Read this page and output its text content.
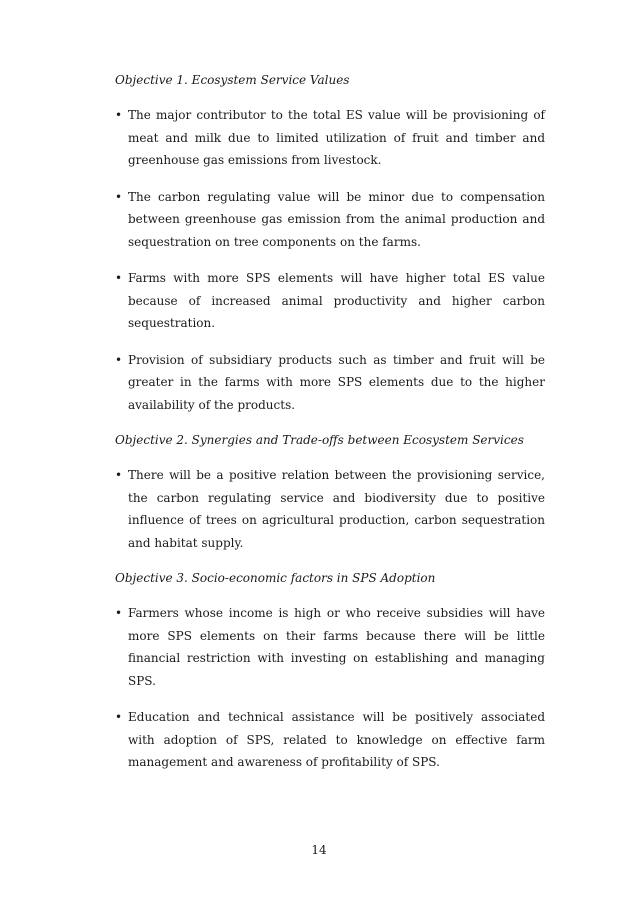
Objective 1. Ecosystem Service Values

• The major contributor to the total ES value will be provisioning of meat and milk due to limited utilization of fruit and timber and greenhouse gas emissions from livestock.
• The carbon regulating value will be minor due to compensation between greenhouse gas emission from the animal production and sequestration on tree components on the farms.
• Farms with more SPS elements will have higher total ES value because of increased animal productivity and higher carbon sequestration.
• Provision of subsidiary products such as timber and fruit will be greater in the farms with more SPS elements due to the higher availability of the products.

Objective 2. Synergies and Trade-offs between Ecosystem Services

• There will be a positive relation between the provisioning service, the carbon regulating service and biodiversity due to positive influence of trees on agricultural production, carbon sequestration and habitat supply.

Objective 3. Socio-economic factors in SPS Adoption

• Farmers whose income is high or who receive subsidies will have more SPS elements on their farms because there will be little financial restriction with investing on establishing and managing SPS.
• Education and technical assistance will be positively associated with adoption of SPS, related to knowledge on effective farm management and awareness of profitability of SPS.
14
